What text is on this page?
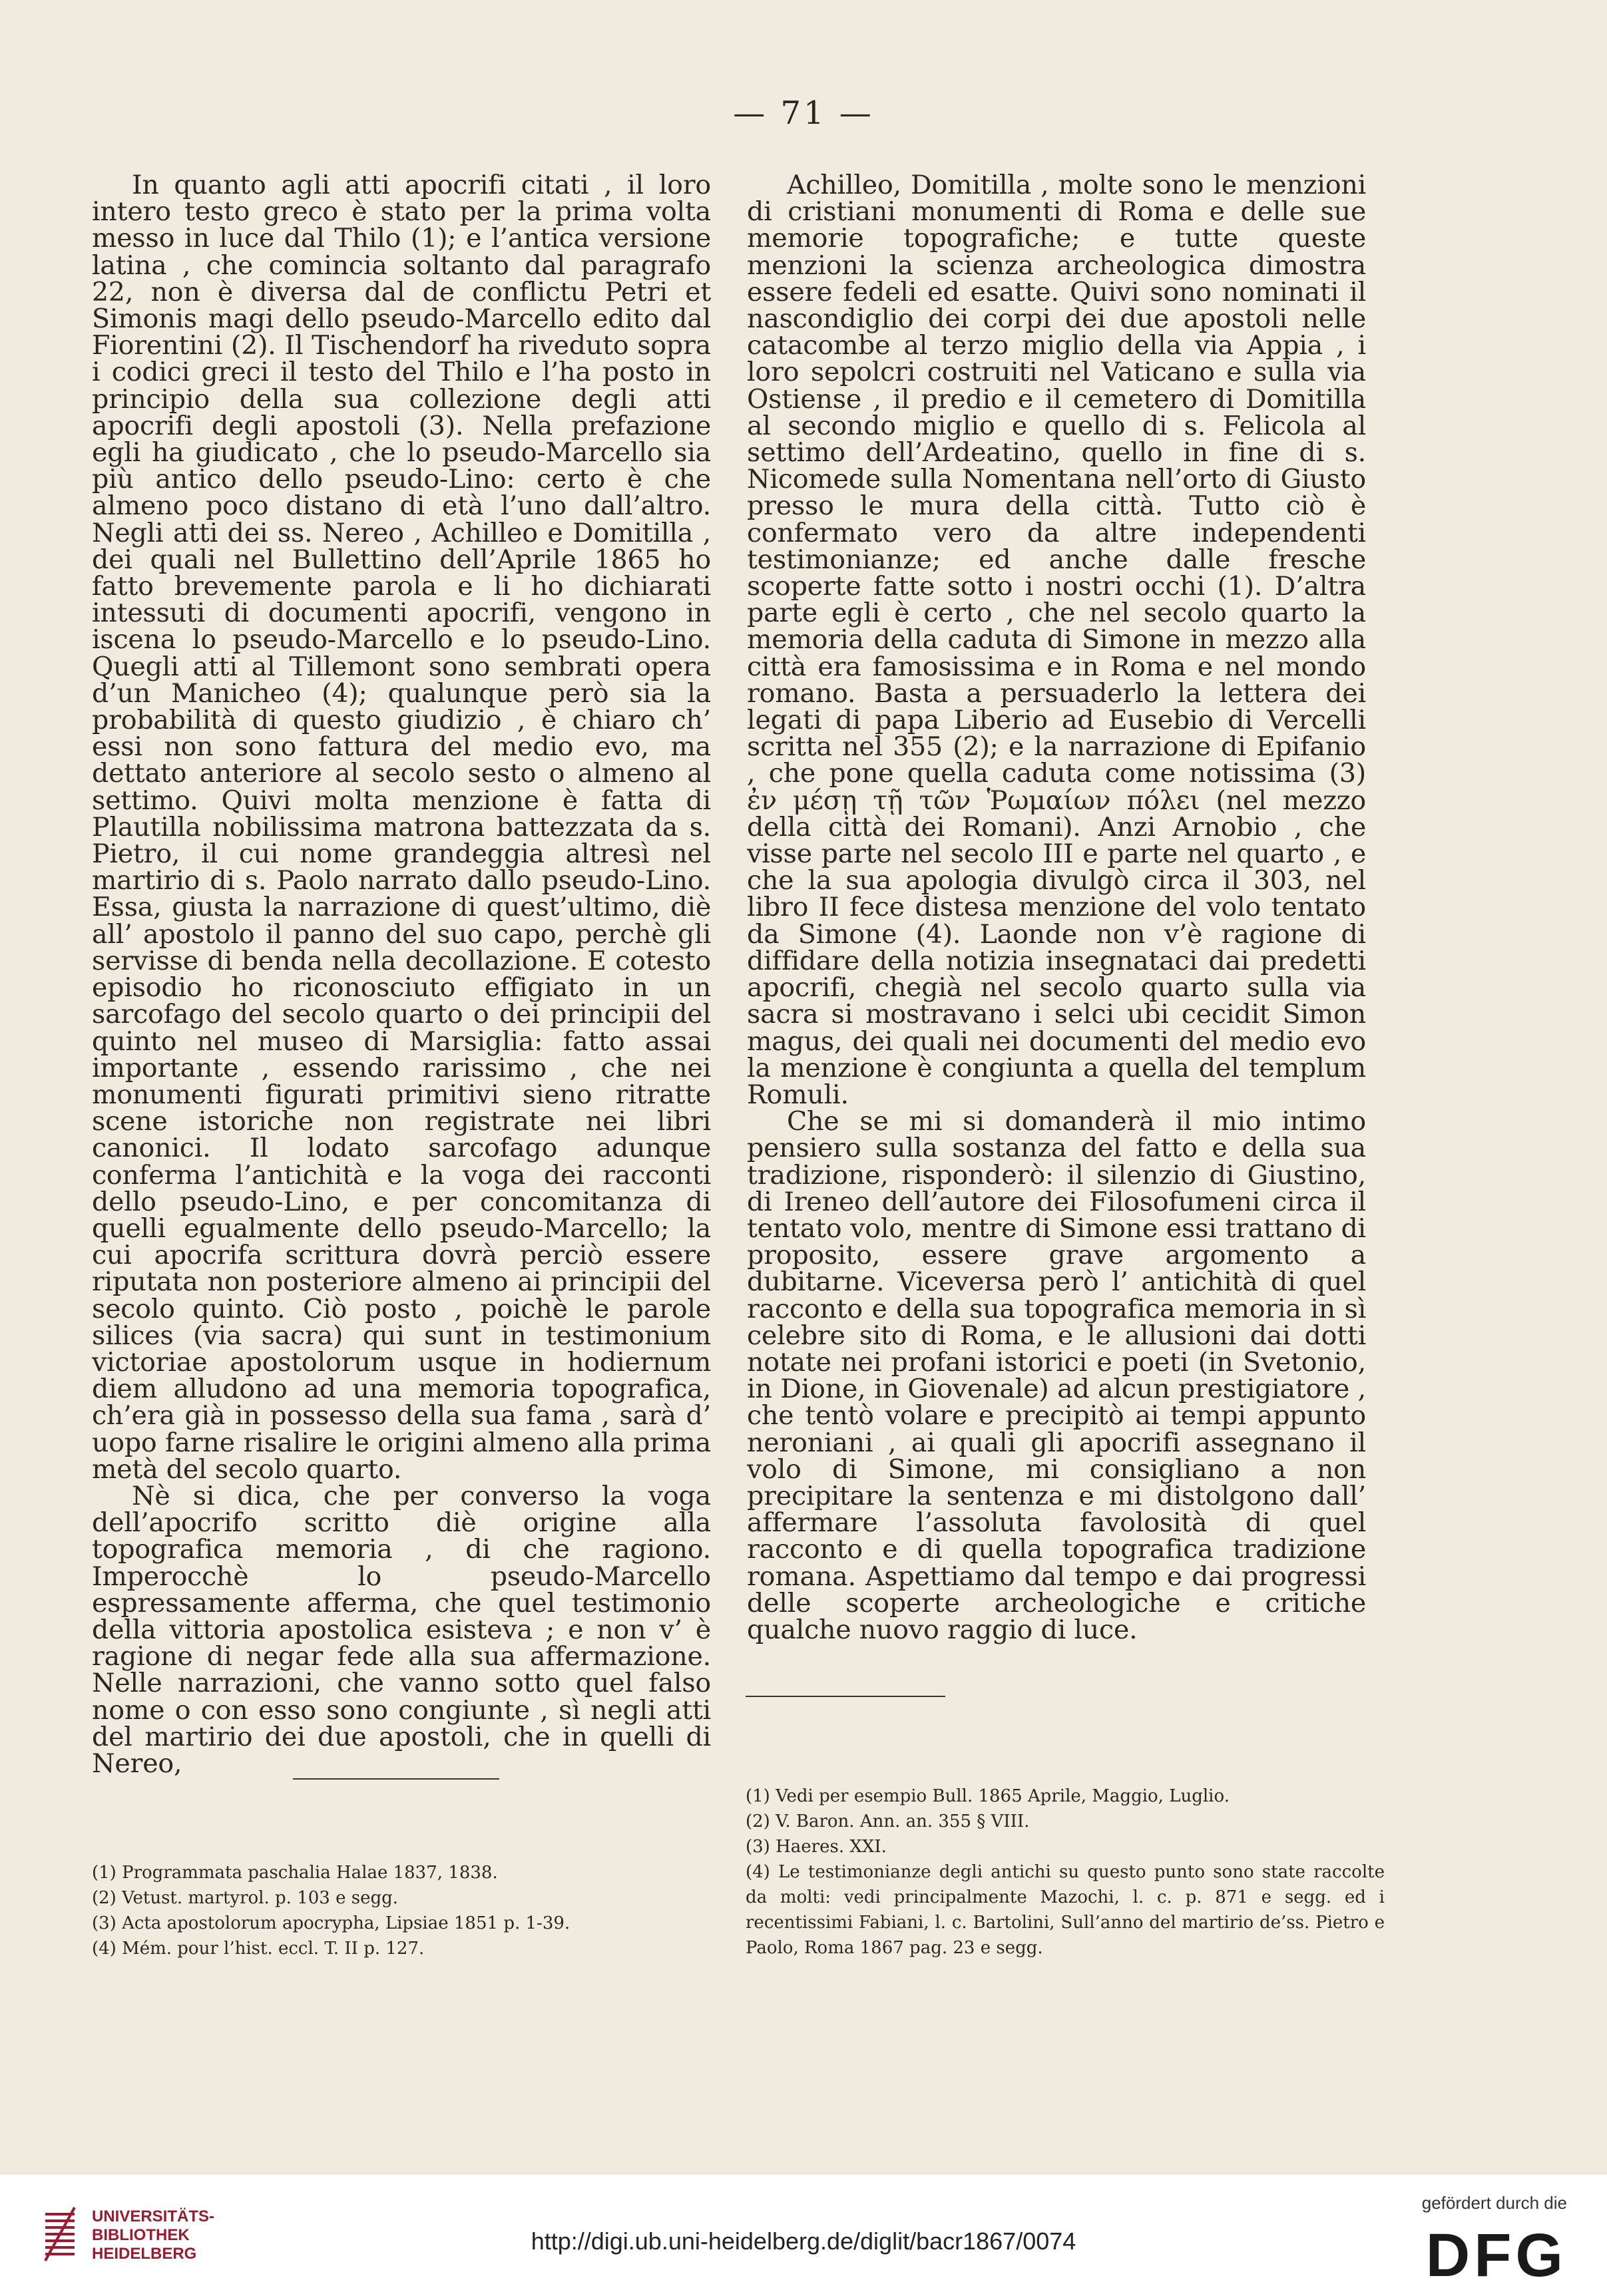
— 71 —

In quanto agli atti apocrifi citati , il loro intero testo greco è stato per la prima volta messo in luce dal Thilo (1); e l’antica versione latina , che comincia soltanto dal paragrafo 22, non è diversa dal de conflictu Petri et Simonis magi dello pseudo-Marcello edito dal Fiorentini (2). Il Tischendorf ha riveduto sopra i codici greci il testo del Thilo e l’ha posto in principio della sua collezione degli atti apocrifi degli apostoli (3). Nella prefazione egli ha giudicato , che lo pseudo-Marcello sia più antico dello pseudo-Lino: certo è che almeno poco distano di età l’uno dall’altro. Negli atti dei ss. Nereo , Achilleo e Domitilla , dei quali nel Bullettino dell’Aprile 1865 ho fatto brevemente parola e li ho dichiarati intessuti di documenti apocrifi, vengono in iscena lo pseudo-Marcello e lo pseudo-Lino. Quegli atti al Tillemont sono sembrati opera d’un Manicheo (4); qualunque però sia la probabilità di questo giudizio , è chiaro ch’ essi non sono fattura del medio evo, ma dettato anteriore al secolo sesto o almeno al settimo. Quivi molta menzione è fatta di Plautilla nobilissima matrona battezzata da s. Pietro, il cui nome grandeggia altresì nel martirio di s. Paolo narrato dallo pseudo-Lino. Essa, giusta la narrazione di quest’ultimo, diè all’ apostolo il panno del suo capo, perchè gli servisse di benda nella decollazione. E cotesto episodio ho riconosciuto effigiato in un sarcofago del secolo quarto o dei principii del quinto nel museo di Marsiglia: fatto assai importante , essendo rarissimo , che nei monumenti figurati primitivi sieno ritratte scene istoriche non registrate nei libri canonici. Il lodato sarcofago adunque conferma l’antichità e la voga dei racconti dello pseudo-Lino, e per concomitanza di quelli egualmente dello pseudo-Marcello; la cui apocrifa scrittura dovrà perciò essere riputata non posteriore almeno ai principii del secolo quinto. Ciò posto , poichè le parole silices (via sacra) qui sunt in testimonium victoriae apostolorum usque in hodiernum diem alludono ad una memoria topografica, ch’era già in possesso della sua fama , sarà d’ uopo farne risalire le origini almeno alla prima metà del secolo quarto.

Nè si dica, che per converso la voga dell’apocrifo scritto diè origine alla topografica memoria , di che ragiono. Imperocchè lo pseudo-Marcello espressamente afferma, che quel testimonio della vittoria apostolica esisteva ; e non v’ è ragione di negar fede alla sua affermazione. Nelle narrazioni, che vanno sotto quel falso nome o con esso sono congiunte , sì negli atti del martirio dei due apostoli, che in quelli di Nereo,

Achilleo, Domitilla , molte sono le menzioni di cristiani monumenti di Roma e delle sue memorie topografiche; e tutte queste menzioni la scienza archeologica dimostra essere fedeli ed esatte. Quivi sono nominati il nascondiglio dei corpi dei due apostoli nelle catacombe al terzo miglio della via Appia , i loro sepolcri costruiti nel Vaticano e sulla via Ostiense , il predio e il cemetero di Domitilla al secondo miglio e quello di s. Felicola al settimo dell’Ardeatino, quello in fine di s. Nicomede sulla Nomentana nell’orto di Giusto presso le mura della città. Tutto ciò è confermato vero da altre independenti testimonianze; ed anche dalle fresche scoperte fatte sotto i nostri occhi (1). D’altra parte egli è certo , che nel secolo quarto la memoria della caduta di Simone in mezzo alla città era famosissima e in Roma e nel mondo romano. Basta a persuaderlo la lettera dei legati di papa Liberio ad Eusebio di Vercelli scritta nel 355 (2); e la narrazione di Epifanio , che pone quella caduta come notissima (3) ἐν μέσῃ τῇ τῶν Ῥωμαίων πόλει (nel mezzo della città dei Romani). Anzi Arnobio , che visse parte nel secolo III e parte nel quarto , e che la sua apologia divulgò circa il 303, nel libro II fece distesa menzione del volo tentato da Simone (4). Laonde non v’è ragione di diffidare della notizia insegnataci dai predetti apocrifi, chegià nel secolo quarto sulla via sacra si mostravano i selci ubi cecidit Simon magus, dei quali nei documenti del medio evo la menzione è congiunta a quella del templum Romuli.

Che se mi si domanderà il mio intimo pensiero sulla sostanza del fatto e della sua tradizione, risponderò: il silenzio di Giustino, di Ireneo dell’autore dei Filosofumeni circa il tentato volo, mentre di Simone essi trattano di proposito, essere grave argomento a dubitarne. Viceversa però l’ antichità di quel racconto e della sua topografica memoria in sì celebre sito di Roma, e le allusioni dai dotti notate nei profani istorici e poeti (in Svetonio, in Dione, in Giovenale) ad alcun prestigiatore , che tentò volare e precipitò ai tempi appunto neroniani , ai quali gli apocrifi assegnano il volo di Simone, mi consigliano a non precipitare la sentenza e mi distolgono dall’ affermare l’assoluta favolosità di quel racconto e di quella topografica tradizione romana. Aspettiamo dal tempo e dai progressi delle scoperte archeologiche e critiche qualche nuovo raggio di luce.

(1) Programmata paschalia Halae 1837, 1838.

(2) Vetust. martyrol. p. 103 e segg.

(3) Acta apostolorum apocrypha, Lipsiae 1851 p. 1-39.

(4) Mém. pour l’hist. eccl. T. II p. 127.

(1) Vedi per esempio Bull. 1865 Aprile, Maggio, Luglio.

(2) V. Baron. Ann. an. 355 § VIII.

(3) Haeres. XXI.

(4) Le testimonianze degli antichi su questo punto sono state raccolte da molti: vedi principalmente Mazochi, l. c. p. 871 e segg. ed i recentissimi Fabiani, l. c. Bartolini, Sull’anno del martirio de’ss. Pietro e Paolo, Roma 1867 pag. 23 e segg.

UNIVERSITÄTS-
BIBLIOTHEK
HEIDELBERG	http://digi.ub.uni-heidelberg.de/diglit/bacr1867/0074
gefördert durch die
DFG
